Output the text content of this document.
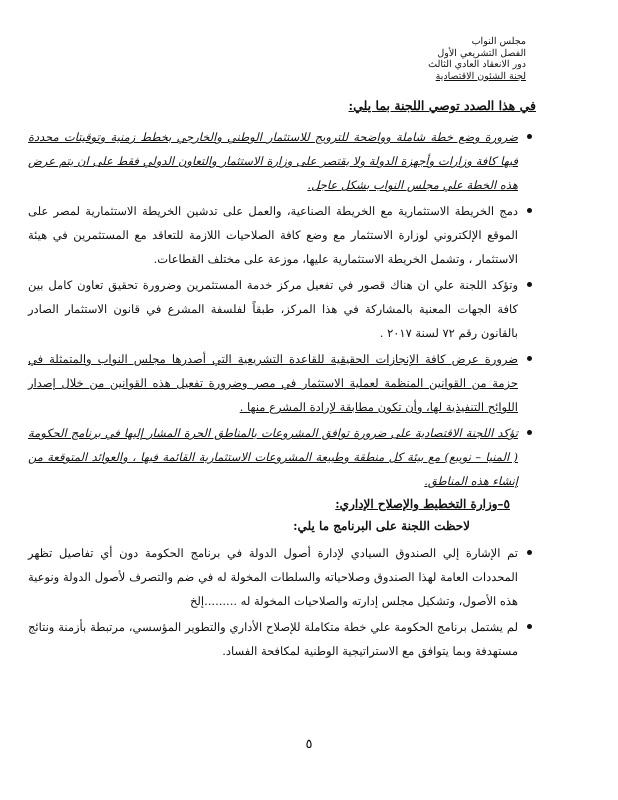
مجلس النواب
الفصل التشريعي الأول
دور الانعقاد العادي الثالث
لجنة الشئون الاقتصادية

في هذا الصدد توصي اللجنة بما يلي:

ضرورة وضع خطة شاملة وواضحة للترويج للاستثمار الوطني والخارجي بخطط زمنية وتوقيتات محددة فيها كافة وزارات وأجهزة الدولة ولا يقتصر على وزارة الاستثمار والتعاون الدولي فقط على ان يتم عرض هذه الخطة علي مجلس النواب بشكل عاجل.
دمج الخريطة الاستثمارية مع الخريطة الصناعية، والعمل على تدشين الخريطة الاستثمارية لمصر على الموقع الإلكتروني لوزارة الاستثمار مع وضع كافة الصلاحيات اللازمة للتعاقد مع المستثمرين في هيئة الاستثمار ، وتشمل الخريطة الاستثمارية عليها، موزعة على مختلف القطاعات.
وتؤكد اللجنة علي ان هناك قصور في تفعيل مركز خدمة المستثمرين وضرورة تحقيق تعاون كامل بين كافة الجهات المعنية بالمشاركة في هذا المركز، طبقاً لفلسفة المشرع في قانون الاستثمار الصادر بالقانون رقم ٧٢ لسنة ٢٠١٧ .
ضرورة عرض كافة الإنجازات الحقيقية للقاعدة التشريعية التي أصدرها مجلس النواب والمتمثلة في حزمة من القوانين المنظمة لعملية الاستثمار في مصر وضرورة تفعيل هذه القوانين من خلال إصدار اللوائح التنفيذية لها، وأن تكون مطابقة لإرادة المشرع منها .
تؤكد اللجنة الاقتصادية على ضرورة توافق المشروعات بالمناطق الحرة المشار إليها في برنامج الحكومة ( المنيا – نويبع) مع بيئة كل منطقة وطبيعة المشروعات الاستثمارية القائمة فيها ، والعوائد المتوقعة من إنشاء هذه المناطق.

٥–وزارة التخطيط والإصلاح الإداري:

لاحظت اللجنة على البرنامج ما يلي:

تم الإشارة إلي الصندوق السيادي لإدارة أصول الدولة في برنامج الحكومة دون أي تفاصيل تظهر المحددات العامة لهذا الصندوق وصلاحياته والسلطات المخولة له في ضم والتصرف لأصول الدولة ونوعية هذه الأصول، وتشكيل مجلس إدارته والصلاحيات المخولة له .........إلخ
لم يشتمل برنامج الحكومة علي خطة متكاملة للإصلاح الأداري والتطوير المؤسسي، مرتبطة بأزمنة ونتائج مستهدفة وبما يتوافق مع الاستراتيجية الوطنية لمكافحة الفساد.
٥
